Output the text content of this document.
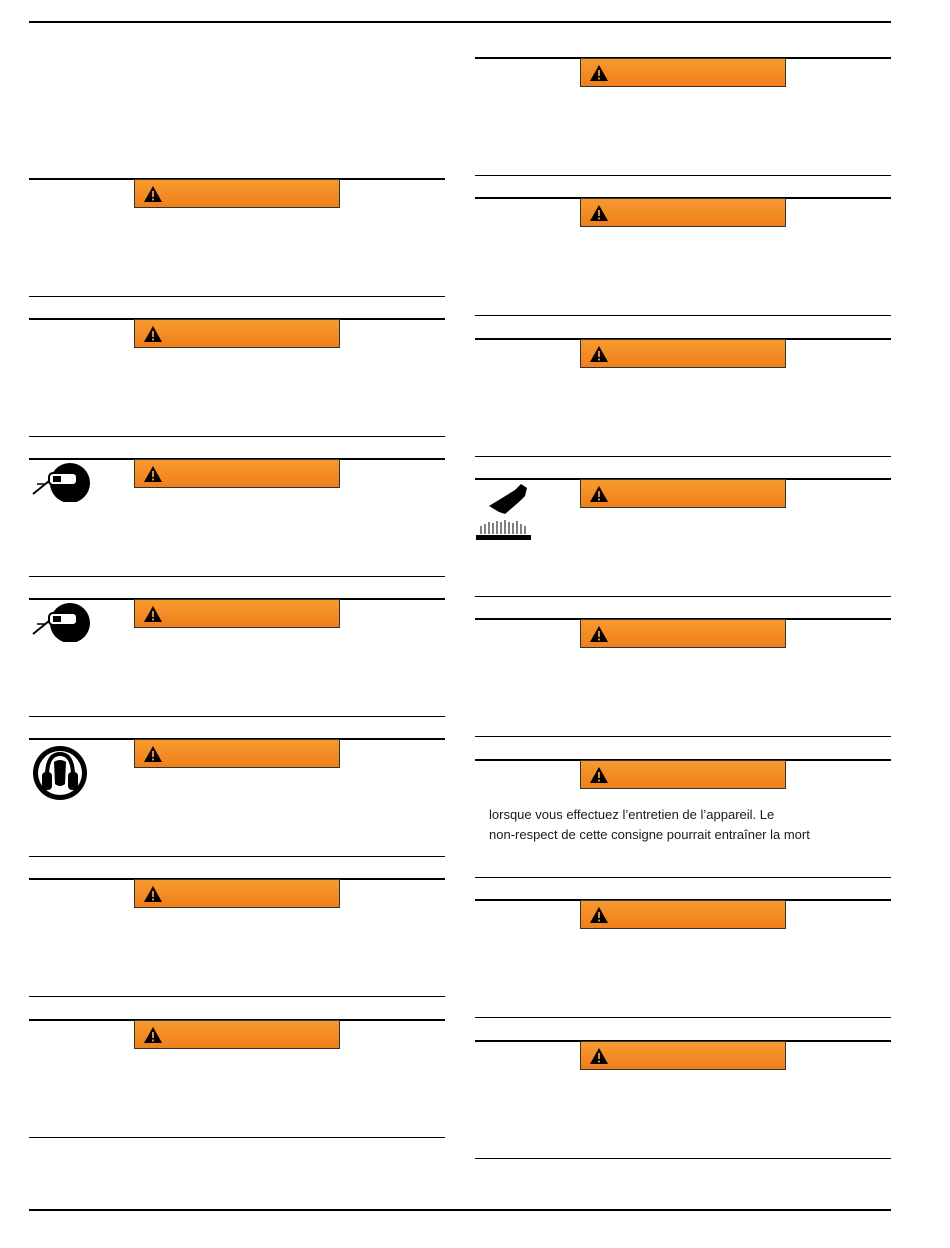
lorsque vous effectuez l’entretien de l’appareil. Le

non-respect de cette consigne pourrait entraîner la mort
